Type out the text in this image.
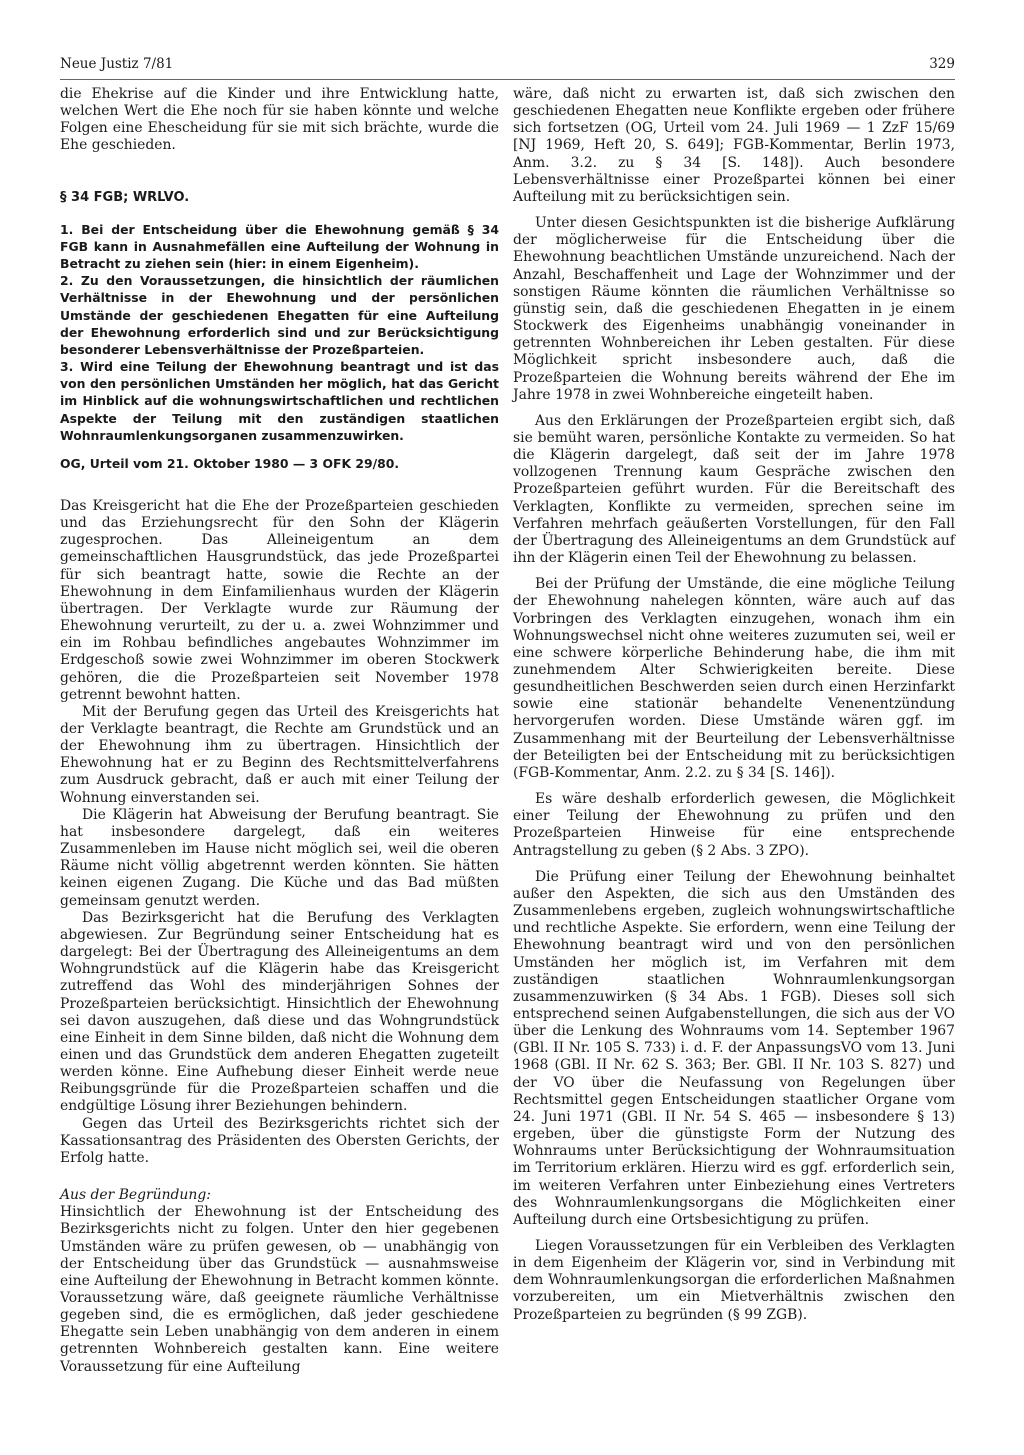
Neue Justiz 7/81	329

die Ehekrise auf die Kinder und ihre Entwicklung hatte, welchen Wert die Ehe noch für sie haben könnte und welche Folgen eine Ehescheidung für sie mit sich brächte, wurde die Ehe geschieden.

§ 34 FGB; WRLVO.

1. Bei der Entscheidung über die Ehewohnung gemäß § 34 FGB kann in Ausnahmefällen eine Aufteilung der Wohnung in Betracht zu ziehen sein (hier: in einem Eigenheim).

2. Zu den Voraussetzungen, die hinsichtlich der räumlichen Verhältnisse in der Ehewohnung und der persönlichen Umstände der geschiedenen Ehegatten für eine Aufteilung der Ehewohnung erforderlich sind und zur Berücksichtigung besonderer Lebensverhältnisse der Prozeßparteien.

3. Wird eine Teilung der Ehewohnung beantragt und ist das von den persönlichen Umständen her möglich, hat das Gericht im Hinblick auf die wohnungswirtschaftlichen und rechtlichen Aspekte der Teilung mit den zuständigen staatlichen Wohnraumlenkungsorganen zusammenzuwirken.

OG, Urteil vom 21. Oktober 1980 — 3 OFK 29/80.

Das Kreisgericht hat die Ehe der Prozeßparteien geschieden und das Erziehungsrecht für den Sohn der Klägerin zugesprochen. Das Alleineigentum an dem gemeinschaftlichen Hausgrundstück, das jede Prozeßpartei für sich beantragt hatte, sowie die Rechte an der Ehewohnung in dem Einfamilienhaus wurden der Klägerin übertragen. Der Verklagte wurde zur Räumung der Ehewohnung verurteilt, zu der u. a. zwei Wohnzimmer und ein im Rohbau befindliches angebautes Wohnzimmer im Erdgeschoß sowie zwei Wohnzimmer im oberen Stockwerk gehören, die die Prozeßparteien seit November 1978 getrennt bewohnt hatten.

Mit der Berufung gegen das Urteil des Kreisgerichts hat der Verklagte beantragt, die Rechte am Grundstück und an der Ehewohnung ihm zu übertragen. Hinsichtlich der Ehewohnung hat er zu Beginn des Rechtsmittelverfahrens zum Ausdruck gebracht, daß er auch mit einer Teilung der Wohnung einverstanden sei.

Die Klägerin hat Abweisung der Berufung beantragt. Sie hat insbesondere dargelegt, daß ein weiteres Zusammenleben im Hause nicht möglich sei, weil die oberen Räume nicht völlig abgetrennt werden könnten. Sie hätten keinen eigenen Zugang. Die Küche und das Bad müßten gemeinsam genutzt werden.

Das Bezirksgericht hat die Berufung des Verklagten abgewiesen. Zur Begründung seiner Entscheidung hat es dargelegt: Bei der Übertragung des Alleineigentums an dem Wohngrundstück auf die Klägerin habe das Kreisgericht zutreffend das Wohl des minderjährigen Sohnes der Prozeßparteien berücksichtigt. Hinsichtlich der Ehewohnung sei davon auszugehen, daß diese und das Wohngrundstück eine Einheit in dem Sinne bilden, daß nicht die Wohnung dem einen und das Grundstück dem anderen Ehegatten zugeteilt werden könne. Eine Aufhebung dieser Einheit werde neue Reibungsgründe für die Prozeßparteien schaffen und die endgültige Lösung ihrer Beziehungen behindern.

Gegen das Urteil des Bezirksgerichts richtet sich der Kassationsantrag des Präsidenten des Obersten Gerichts, der Erfolg hatte.

Aus der Begründung:

Hinsichtlich der Ehewohnung ist der Entscheidung des Bezirksgerichts nicht zu folgen. Unter den hier gegebenen Umständen wäre zu prüfen gewesen, ob — unabhängig von der Entscheidung über das Grundstück — ausnahmsweise eine Aufteilung der Ehewohnung in Betracht kommen könnte. Voraussetzung wäre, daß geeignete räumliche Verhältnisse gegeben sind, die es ermöglichen, daß jeder geschiedene Ehegatte sein Leben unabhängig von dem anderen in einem getrennten Wohnbereich gestalten kann. Eine weitere Voraussetzung für eine Aufteilung

wäre, daß nicht zu erwarten ist, daß sich zwischen den geschiedenen Ehegatten neue Konflikte ergeben oder frühere sich fortsetzen (OG, Urteil vom 24. Juli 1969 — 1 ZzF 15/69 [NJ 1969, Heft 20, S. 649]; FGB-Kommentar, Berlin 1973, Anm. 3.2. zu § 34 [S. 148]). Auch besondere Lebensverhältnisse einer Prozeßpartei können bei einer Aufteilung mit zu berücksichtigen sein.

Unter diesen Gesichtspunkten ist die bisherige Aufklärung der möglicherweise für die Entscheidung über die Ehewohnung beachtlichen Umstände unzureichend. Nach der Anzahl, Beschaffenheit und Lage der Wohnzimmer und der sonstigen Räume könnten die räumlichen Verhältnisse so günstig sein, daß die geschiedenen Ehegatten in je einem Stockwerk des Eigenheims unabhängig voneinander in getrennten Wohnbereichen ihr Leben gestalten. Für diese Möglichkeit spricht insbesondere auch, daß die Prozeßparteien die Wohnung bereits während der Ehe im Jahre 1978 in zwei Wohnbereiche eingeteilt haben.

Aus den Erklärungen der Prozeßparteien ergibt sich, daß sie bemüht waren, persönliche Kontakte zu vermeiden. So hat die Klägerin dargelegt, daß seit der im Jahre 1978 vollzogenen Trennung kaum Gespräche zwischen den Prozeßparteien geführt wurden. Für die Bereitschaft des Verklagten, Konflikte zu vermeiden, sprechen seine im Verfahren mehrfach geäußerten Vorstellungen, für den Fall der Übertragung des Alleineigentums an dem Grundstück auf ihn der Klägerin einen Teil der Ehewohnung zu belassen.

Bei der Prüfung der Umstände, die eine mögliche Teilung der Ehewohnung nahelegen könnten, wäre auch auf das Vorbringen des Verklagten einzugehen, wonach ihm ein Wohnungswechsel nicht ohne weiteres zuzumuten sei, weil er eine schwere körperliche Behinderung habe, die ihm mit zunehmendem Alter Schwierigkeiten bereite. Diese gesundheitlichen Beschwerden seien durch einen Herzinfarkt sowie eine stationär behandelte Venenentzündung hervorgerufen worden. Diese Umstände wären ggf. im Zusammenhang mit der Beurteilung der Lebensverhältnisse der Beteiligten bei der Entscheidung mit zu berücksichtigen (FGB-Kommentar, Anm. 2.2. zu § 34 [S. 146]).

Es wäre deshalb erforderlich gewesen, die Möglichkeit einer Teilung der Ehewohnung zu prüfen und den Prozeßparteien Hinweise für eine entsprechende Antragstellung zu geben (§ 2 Abs. 3 ZPO).

Die Prüfung einer Teilung der Ehewohnung beinhaltet außer den Aspekten, die sich aus den Umständen des Zusammenlebens ergeben, zugleich wohnungswirtschaftliche und rechtliche Aspekte. Sie erfordern, wenn eine Teilung der Ehewohnung beantragt wird und von den persönlichen Umständen her möglich ist, im Verfahren mit dem zuständigen staatlichen Wohnraumlenkungsorgan zusammenzuwirken (§ 34 Abs. 1 FGB). Dieses soll sich entsprechend seinen Aufgabenstellungen, die sich aus der VO über die Lenkung des Wohnraums vom 14. September 1967 (GBl. II Nr. 105 S. 733) i. d. F. der AnpassungsVO vom 13. Juni 1968 (GBl. II Nr. 62 S. 363; Ber. GBl. II Nr. 103 S. 827) und der VO über die Neufassung von Regelungen über Rechtsmittel gegen Entscheidungen staatlicher Organe vom 24. Juni 1971 (GBl. II Nr. 54 S. 465 — insbesondere § 13) ergeben, über die günstigste Form der Nutzung des Wohnraums unter Berücksichtigung der Wohnraumsituation im Territorium erklären. Hierzu wird es ggf. erforderlich sein, im weiteren Verfahren unter Einbeziehung eines Vertreters des Wohnraumlenkungsorgans die Möglichkeiten einer Aufteilung durch eine Ortsbesichtigung zu prüfen.

Liegen Voraussetzungen für ein Verbleiben des Verklagten in dem Eigenheim der Klägerin vor, sind in Verbindung mit dem Wohnraumlenkungsorgan die erforderlichen Maßnahmen vorzubereiten, um ein Mietverhältnis zwischen den Prozeßparteien zu begründen (§ 99 ZGB).
